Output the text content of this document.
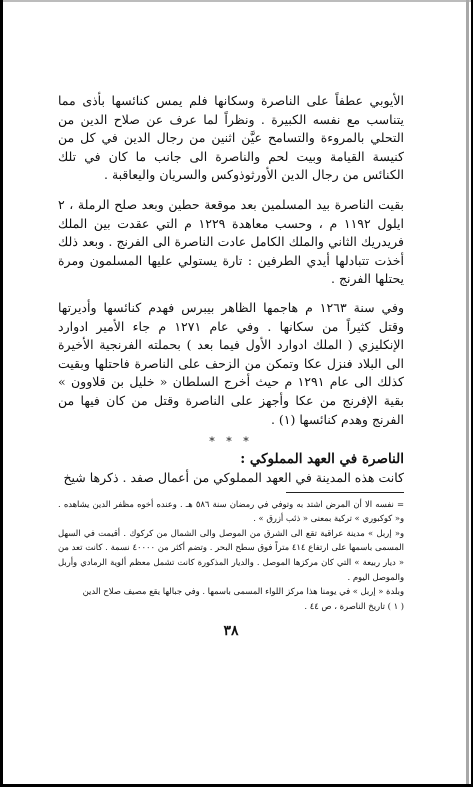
الأيوبي عطفاً على الناصرة وسكانها فلم يمس كنائسها بأذى مما يتناسب مع نفسه الكبيرة . ونظراً لما عرف عن صلاح الدين من التحلي بالمروءة والتسامح عيَّن اثنين من رجال الدين في كل من كنيسة القيامة وبيت لحم والناصرة الى جانب ما كان في تلك الكنائس من رجال الدين الأورثوذوكس والسريان واليعاقبة .

بقيت الناصرة بيد المسلمين بعد موقعة حطين وبعد صلح الرملة ، ٢ ايلول ١١٩٢ م ، وحسب معاهدة ١٢٢٩ م التي عقدت بين الملك فريدريك الثاني والملك الكامل عادت الناصرة الى الفرنج . وبعد ذلك أخذت تتبادلها أيدي الطرفين : تارة يستولي عليها المسلمون ومرة يحتلها الفرنج .

وفي سنة ١٢٦٣ م هاجمها الظاهر بيبرس فهدم كنائسها وأديرتها وقتل كثيراً من سكانها . وفي عام ١٢٧١ م جاء الأمير ادوارد الإنكليزي ( الملك ادوارد الأول فيما بعد ) بحملته الفرنجية الأخيرة الى البلاد فنزل عكا وتمكن من الزحف على الناصرة فاحتلها وبقيت كذلك الى عام ١٢٩١ م حيث أخرج السلطان « خليل بن قلاوون » بقية الإفرنج من عكا وأجهز على الناصرة وقتل من كان فيها من الفرنج وهدم كنائسها (١) .

* * *
الناصرة في العهد المملوكي :

كانت هذه المدينة في العهد المملوكي من أعمال صفد . ذكرها شيخ

= نفسه الا أن المرض اشتد به وتوفي في رمضان سنة ٥٨٦ هـ . وعنده أخوه مظفر الدين يشاهده . و« كوكبوري » تركية بمعنى « ذئب أزرق » .

و« إربل » مدينة عراقية تقع الى الشرق من الموصل والى الشمال من كركوك . أقيمت في السهل المسمى باسمها على ارتفاع ٤١٤ متراً فوق سطح البحر . وتضم أكثر من ٤٠٠٠٠ نسمة . كانت تعد من « ديار ربيعة » التي كان مركزها الموصل . والديار المذكورة كانت تشمل معظم ألوية الرمادي وأربل والموصل اليوم .

وبلدة « إربل » في يومنا هذا مركز اللواء المسمى باسمها . وفي جبالها يقع مصيف صلاح الدين

( ١ ) تاريخ الناصرة ، ص ٤٤ .

٣٨
